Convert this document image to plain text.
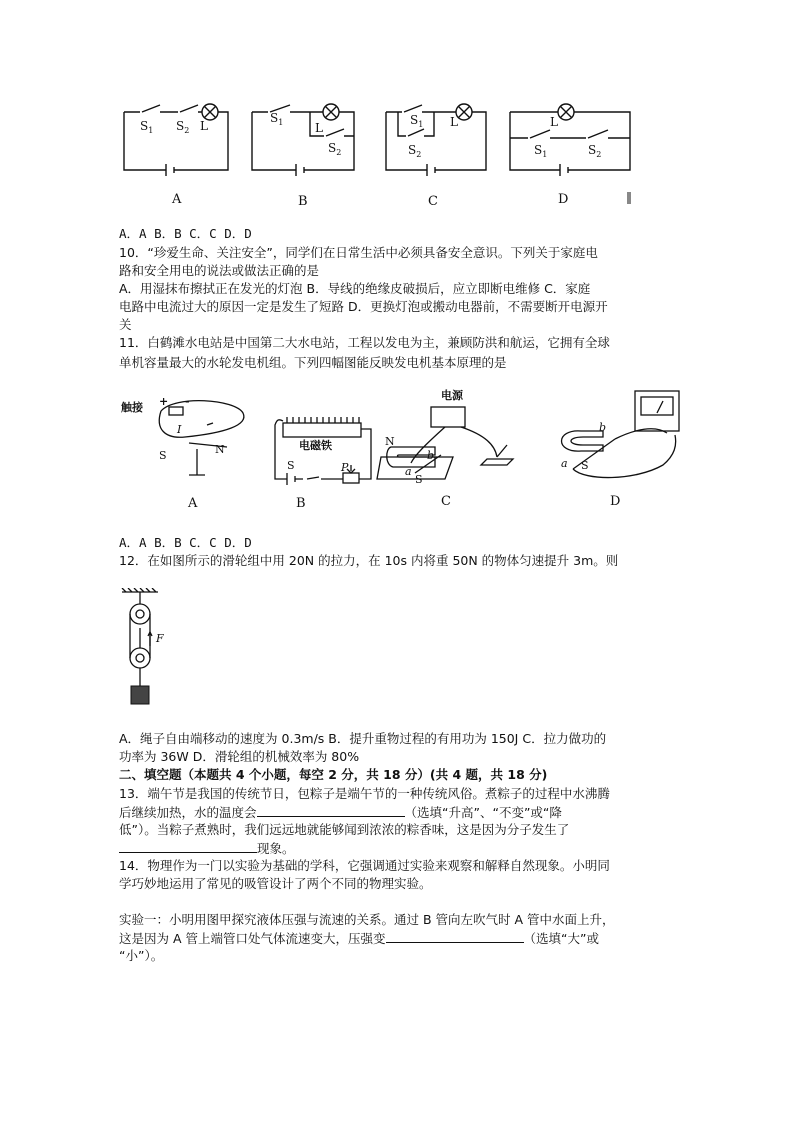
$S_1$ $S_2$ L
$S_1$	L
$S_2$
$S_1$ L
$S_2$
L
$S_1$	$S_2$
A	B	C	D
A．A B．B C．C D．D
10．“珍爱生命、关注安全”，同学们在日常生活中必须具备安全意识。下列关于家庭电
路和安全用电的说法或做法正确的是
A．用湿抹布擦拭正在发光的灯泡 B．导线的绝缘皮破损后，应立即断电维修 C．家庭
电路中电流过大的原因一定是发生了短路 D．更换灯泡或搬动电器前，不需要断开电源开
关
11．白鹤滩水电站是中国第二大水电站，工程以发电为主，兼顾防洪和航运，它拥有全球
单机容量最大的水轮发电机组。下列四幅图能反映发电机基本原理的是
触接 + -
I
S	N	电磁铁
S	P
电源
N
S
b
a
b
a S
A	B	C	D
A．A B．B C．C D．D
12．在如图所示的滑轮组中用 20N 的拉力，在 10s 内将重 50N 的物体匀速提升 3m。则
F
A．绳子自由端移动的速度为 0.3m/s B．提升重物过程的有用功为 150J C．拉力做功的
功率为 36W D．滑轮组的机械效率为 80%
二、填空题（本题共 4 个小题，每空 2 分，共 18 分）(共 4 题，共 18 分)
13．端午节是我国的传统节日，包粽子是端午节的一种传统风俗。煮粽子的过程中水沸腾
后继续加热，水的温度会	（选填“升高”、“不变”或“降
低”）。当粽子煮熟时，我们远远地就能够闻到浓浓的粽香味，这是因为分子发生了
现象。
14．物理作为一门以实验为基础的学科，它强调通过实验来观察和解释自然现象。小明同
学巧妙地运用了常见的吸管设计了两个不同的物理实验。
实验一：小明用图甲探究液体压强与流速的关系。通过 B 管向左吹气时 A 管中水面上升，
这是因为 A 管上端管口处气体流速变大，压强变	（选填“大”或
“小”）。
